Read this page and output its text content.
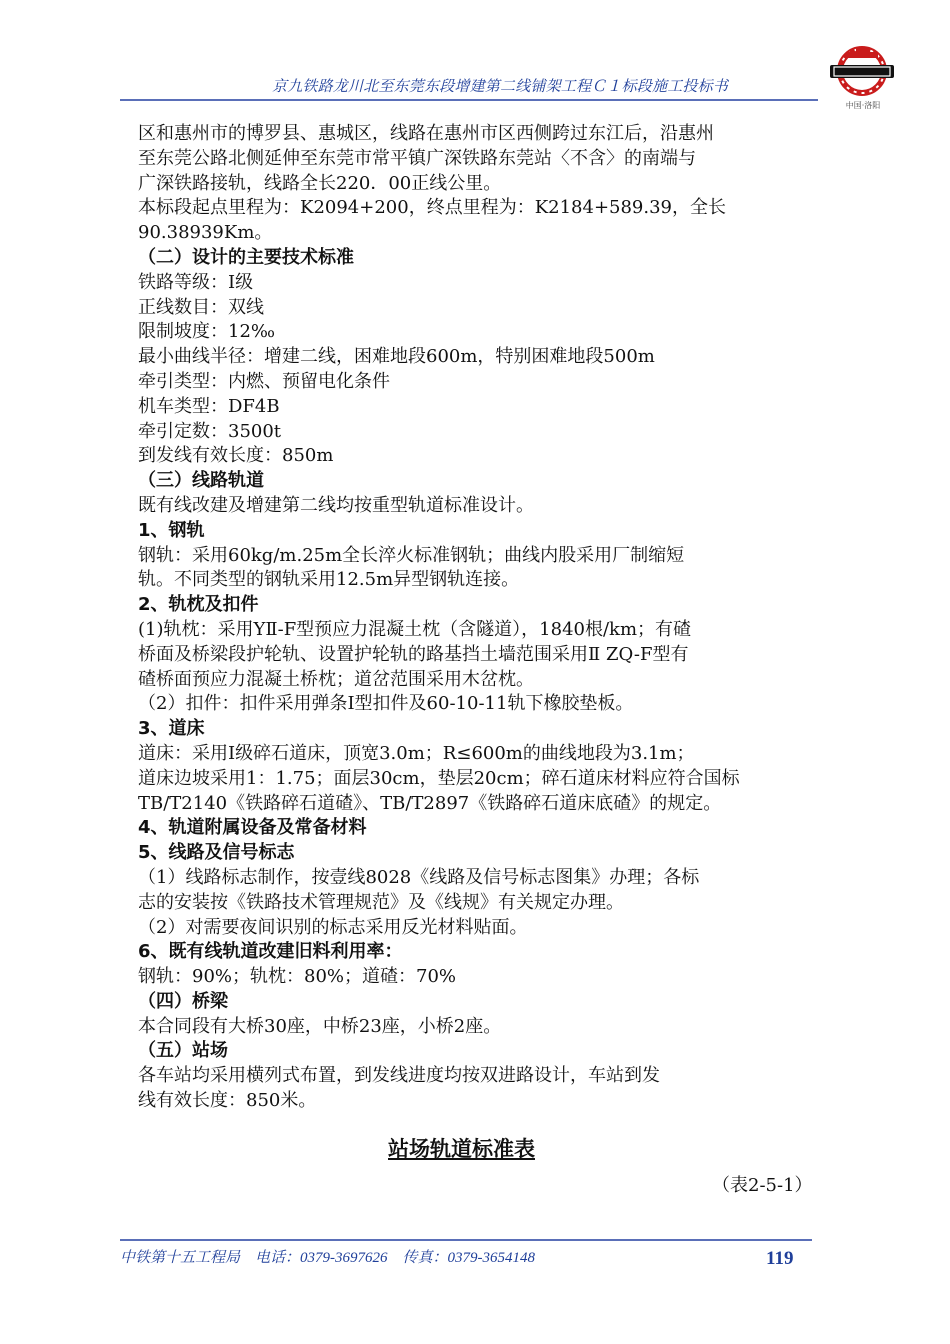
京九铁路龙川北至东莞东段增建第二线铺架工程Ｃ１标段施工投标书
中国·洛阳
区和惠州市的博罗县、惠城区，线路在惠州市区西侧跨过东江后，沿惠州
至东莞公路北侧延伸至东莞市常平镇广深铁路东莞站〈不含〉的南端与
广深铁路接轨，线路全长220．00正线公里。
本标段起点里程为：K2094+200，终点里程为：K2184+589.39，全长
90.38939Km。
（二）设计的主要技术标准
铁路等级：Ⅰ级
正线数目：双线
限制坡度：12‰
最小曲线半径：增建二线，困难地段600m，特别困难地段500m
牵引类型：内燃、预留电化条件
机车类型：DF4B
牵引定数：3500t
到发线有效长度：850m
（三）线路轨道
既有线改建及增建第二线均按重型轨道标准设计。
1、钢轨
钢轨：采用60kg/m.25m全长淬火标准钢轨；曲线内股采用厂制缩短
轨。不同类型的钢轨采用12.5m异型钢轨连接。
2、轨枕及扣件
(1)轨枕：采用YⅡ-F型预应力混凝土枕（含隧道），1840根/km；有碴
桥面及桥梁段护轮轨、设置护轮轨的路基挡土墙范围采用Ⅱ ZQ-F型有
碴桥面预应力混凝土桥枕；道岔范围采用木岔枕。
（2）扣件：扣件采用弹条Ⅰ型扣件及60-10-11轨下橡胶垫板。
3、道床
道床：采用Ⅰ级碎石道床，顶宽3.0m；R≤600m的曲线地段为3.1m；
道床边坡采用1：1.75；面层30cm，垫层20cm；碎石道床材料应符合国标
TB/T2140《铁路碎石道碴》、TB/T2897《铁路碎石道床底碴》的规定。
4、轨道附属设备及常备材料
5、线路及信号标志
（1）线路标志制作，按壹线8028《线路及信号标志图集》办理；各标
志的安装按《铁路技术管理规范》及《线规》有关规定办理。
（2）对需要夜间识别的标志采用反光材料贴面。
6、既有线轨道改建旧料利用率：
钢轨：90%；轨枕：80%；道碴：70%
（四）桥梁
本合同段有大桥30座，中桥23座，小桥2座。
（五）站场
各车站均采用横列式布置，到发线进度均按双进路设计，车站到发
线有效长度：850米。
站场轨道标准表
（表2-5-1）
中铁第十五工程局 电话：0379-3697626 传真：0379-3654148	119
